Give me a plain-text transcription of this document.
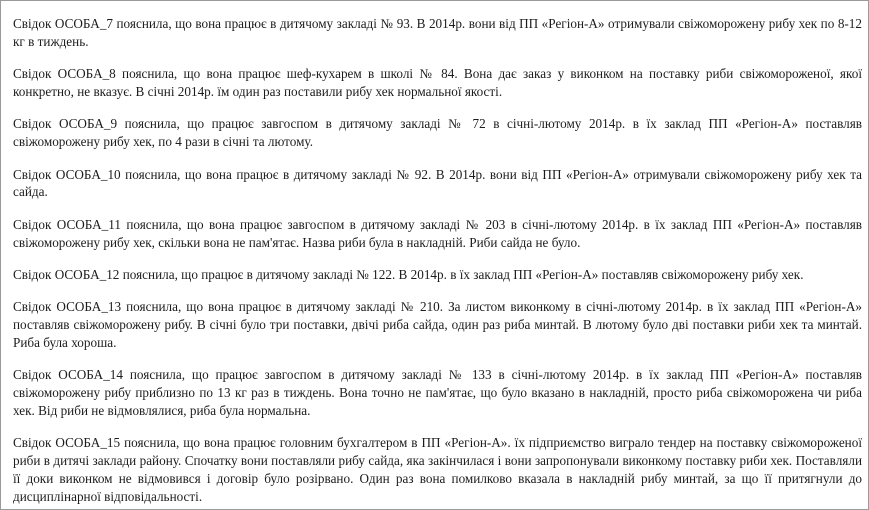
Свідок ОСОБА_7 пояснила, що вона працює в дитячому закладі № 93. В 2014р. вони від ПП «Регіон-А» отримували свіжоморожену рибу хек по 8-12 кг в тиждень.

Свідок ОСОБА_8 пояснила, що вона працює шеф-кухарем в школі № 84. Вона дає заказ у виконком на поставку риби свіжомороженої, якої конкретно, не вказує. В січні 2014р. їм один раз поставили рибу хек нормальної якості.

Свідок ОСОБА_9 пояснила, що працює завгоспом в дитячому закладі № 72 в січні-лютому 2014р. в їх заклад ПП «Регіон-А» поставляв свіжоморожену рибу хек, по 4 рази в січні та лютому.

Свідок ОСОБА_10 пояснила, що вона працює в дитячому закладі № 92. В 2014р. вони від ПП «Регіон-А» отримували свіжоморожену рибу хек та сайда.

Свідок ОСОБА_11 пояснила, що вона працює завгоспом в дитячому закладі № 203 в січні-лютому 2014р. в їх заклад ПП «Регіон-А» поставляв свіжоморожену рибу хек, скільки вона не пам'ятає. Назва риби була в накладній. Риби сайда не було.

Свідок ОСОБА_12 пояснила, що працює в дитячому закладі № 122. В 2014р. в їх заклад ПП «Регіон-А» поставляв свіжоморожену рибу хек.

Свідок ОСОБА_13 пояснила, що вона працює в дитячому закладі № 210. За листом виконкому в січні-лютому 2014р. в їх заклад ПП «Регіон-А» поставляв свіжоморожену рибу. В січні було три поставки, двічі риба сайда, один раз риба минтай. В лютому було дві поставки риби хек та минтай. Риба була хороша.

Свідок ОСОБА_14 пояснила, що працює завгоспом в дитячому закладі № 133 в січні-лютому 2014р. в їх заклад ПП «Регіон-А» поставляв свіжоморожену рибу приблизно по 13 кг раз в тиждень. Вона точно не пам'ятає, що було вказано в накладній, просто риба свіжоморожена чи риба хек. Від риби не відмовлялися, риба була нормальна.

Свідок ОСОБА_15 пояснила, що вона працює головним бухгалтером в ПП «Регіон-А». їх підприємство виграло тендер на поставку свіжомороженої риби в дитячі заклади району. Спочатку вони поставляли рибу сайда, яка закінчилася і вони запропонували виконкому поставку риби хек. Поставляли її доки виконком не відмовився і договір було розірвано. Один раз вона помилково вказала в накладній рибу минтай, за що її притягнули до дисциплінарної відповідальності.
